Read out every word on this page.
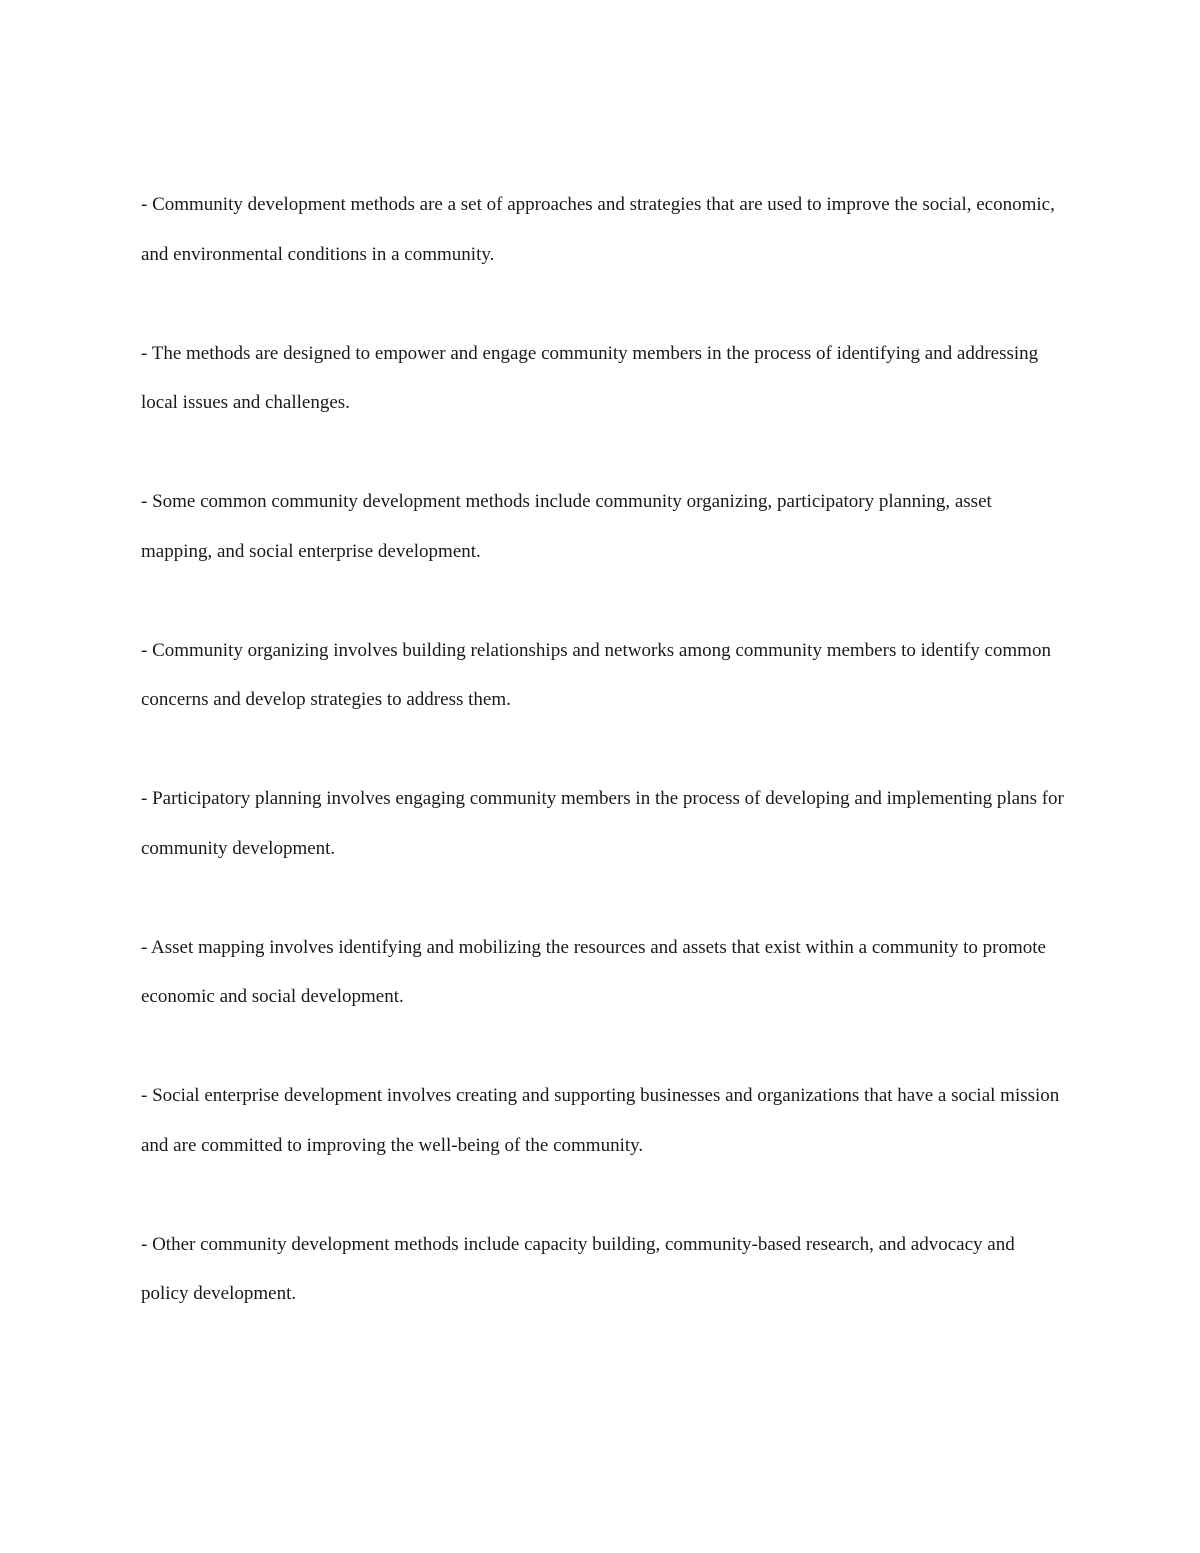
- Community development methods are a set of approaches and strategies that are used to improve the social, economic, and environmental conditions in a community.

- The methods are designed to empower and engage community members in the process of identifying and addressing local issues and challenges.

- Some common community development methods include community organizing, participatory planning, asset mapping, and social enterprise development.

- Community organizing involves building relationships and networks among community members to identify common concerns and develop strategies to address them.

- Participatory planning involves engaging community members in the process of developing and implementing plans for community development.

- Asset mapping involves identifying and mobilizing the resources and assets that exist within a community to promote economic and social development.

- Social enterprise development involves creating and supporting businesses and organizations that have a social mission and are committed to improving the well-being of the community.

- Other community development methods include capacity building, community-based research, and advocacy and policy development.
